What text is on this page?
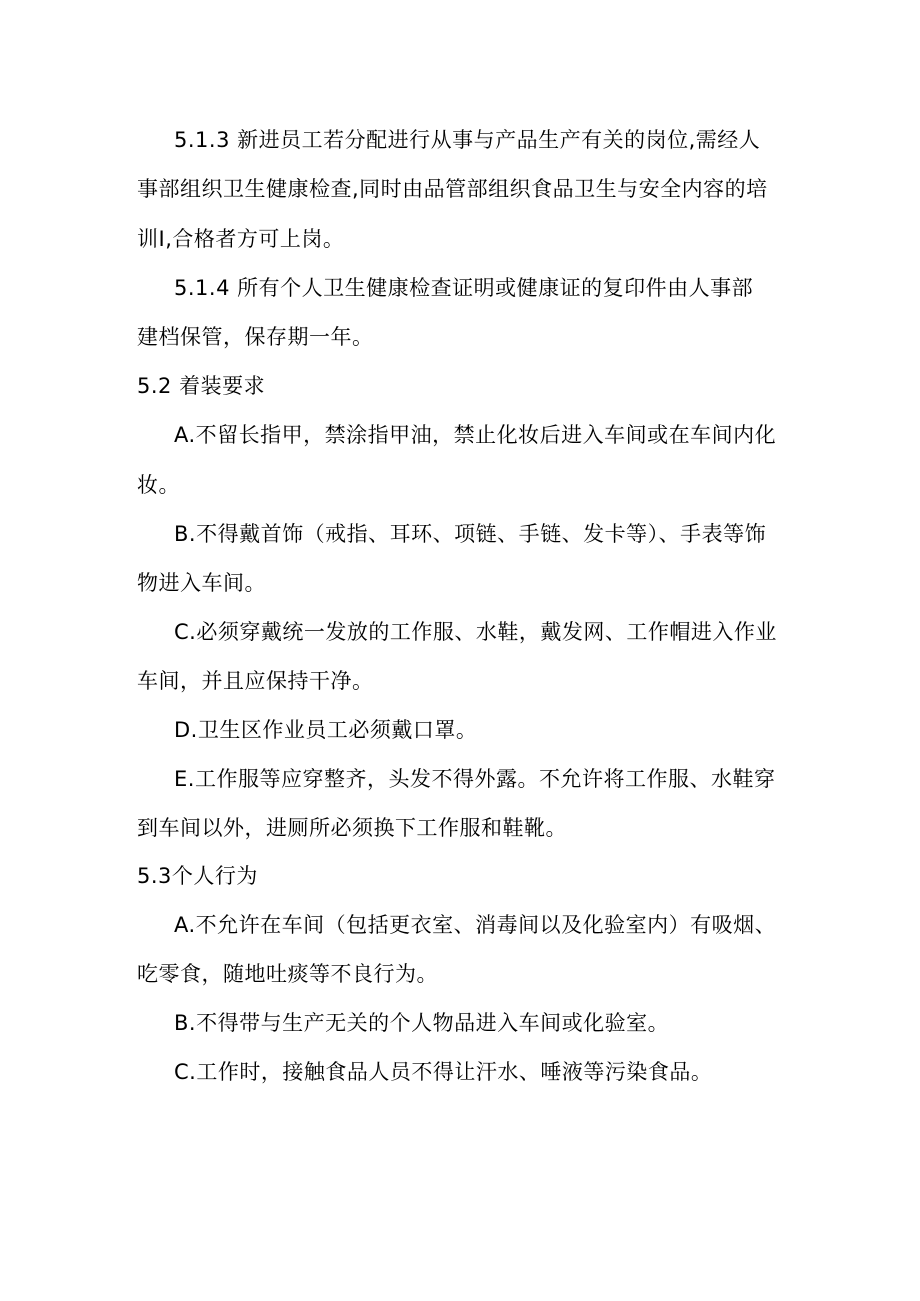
5.1.3 新进员工若分配进行从事与产品生产有关的岗位,需经人
事部组织卫生健康检查,同时由品管部组织食品卫生与安全内容的培
训Ⅰ,合格者方可上岗。
5.1.4 所有个人卫生健康检查证明或健康证的复印件由人事部
建档保管，保存期一年。
5.2 着装要求
A.不留长指甲，禁涂指甲油，禁止化妆后进入车间或在车间内化
妆。
B.不得戴首饰（戒指、耳环、项链、手链、发卡等）、手表等饰
物进入车间。
C.必须穿戴统一发放的工作服、水鞋，戴发网、工作帽进入作业
车间，并且应保持干净。
D.卫生区作业员工必须戴口罩。
E.工作服等应穿整齐，头发不得外露。不允许将工作服、水鞋穿
到车间以外，进厕所必须换下工作服和鞋靴。
5.3个人行为
A.不允许在车间（包括更衣室、消毒间以及化验室内）有吸烟、
吃零食，随地吐痰等不良行为。
B.不得带与生产无关的个人物品进入车间或化验室。
C.工作时，接触食品人员不得让汗水、唾液等污染食品。
